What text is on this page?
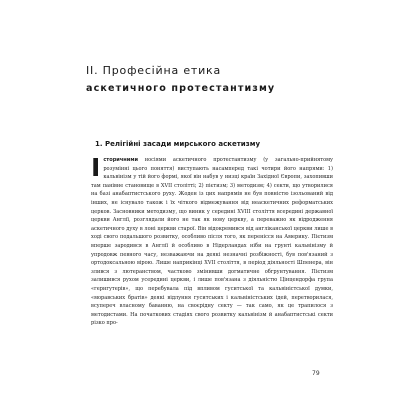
II. Професійна етика
аскетичного протестантизму
1. Релігійні засади мирського аскетизму

Історичними носіями аскетичного протестантизму (у загально-прийнятому розумінні цього поняття) виступають насамперед такі чотири його напрями: 1) кальвінізм у тій його формі, якої він набув у низці країн Західної Європи, захопивши там панівне становище в XVII столітті; 2) пієтизм; 3) методизм; 4) секти, що утворилися на базі анабаптистського руху. Жоден із цих напрямів не був повністю ізольований від інших, не існувало також і їх чіткого відмежування від неаскетичних реформатських церков. Засновники методизму, що виник у середині XVIII століття всередині державної церкви Англії, розглядали його не так як нову церкву, а переважно як відродження аскетичного духу в лоні церкви старої. Він відокремився від англіканської церкви лише в ході свого подальшого розвитку, особливо після того, як перенісся на Америку. Пієтизм вперше зародився в Англії й особливо в Нідерландах ніби на грунті кальвінізму й упродовж певного часу, незважаючи на деякі незначні розбіжності, був пов'язаний з ортодоксальною вірою. Лише наприкінці XVII століття, в період діяльності Шпенера, він злився з лютеранством, частково змінивши догматичне обгрунтування. Пієтизм залишився рухом усередині церкви, і лише пов'язана з діяльністю Цінцендорфа група «гернгутерів», що перебувала під впливом гуситської та кальвіністської думки, «моравських братів» деякі відлуння гуситських і кальвіністських ідей, перетворилася, всупереч власному баванню, на своєрідну секту — так само, як це трапилося з методистами. На початкових стадіях свого розвитку кальвінізм й анабаптистські секти різко про-

79
